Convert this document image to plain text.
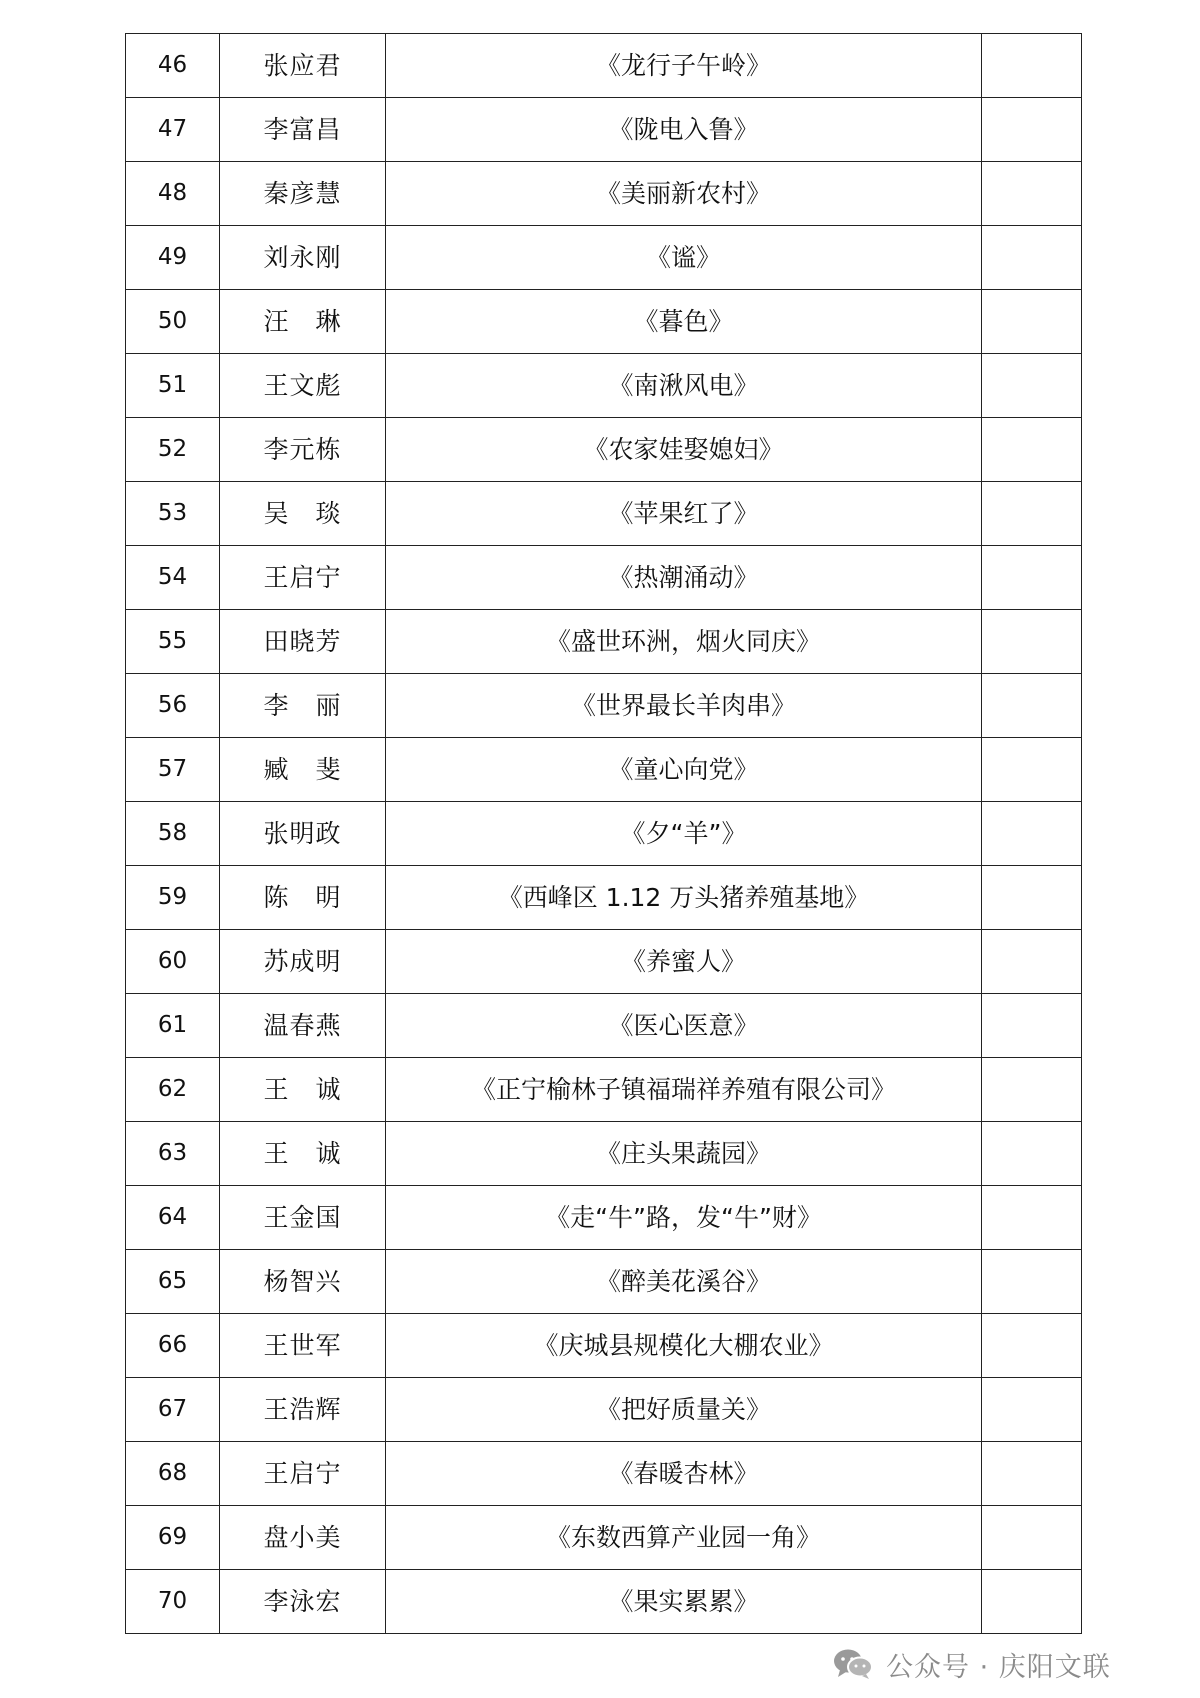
46	张应君	《龙行子午岭》	
47	李富昌	《陇电入鲁》	
48	秦彦慧	《美丽新农村》	
49	刘永刚	《谧》	
50	汪　琳	《暮色》	
51	王文彪	《南湫风电》	
52	李元栋	《农家娃娶媳妇》	
53	吴　琰	《苹果红了》	
54	王启宁	《热潮涌动》	
55	田晓芳	《盛世环洲，烟火同庆》	
56	李　丽	《世界最长羊肉串》	
57	臧　斐	《童心向党》	
58	张明政	《夕“羊”》	
59	陈　明	《西峰区 1.12 万头猪养殖基地》	
60	苏成明	《养蜜人》	
61	温春燕	《医心医意》	
62	王　诚	《正宁榆林子镇福瑞祥养殖有限公司》	
63	王　诚	《庄头果蔬园》	
64	王金国	《走“牛”路，发“牛”财》	
65	杨智兴	《醉美花溪谷》	
66	王世军	《庆城县规模化大棚农业》	
67	王浩辉	《把好质量关》	
68	王启宁	《春暖杏林》	
69	盘小美	《东数西算产业园一角》	
70	李泳宏	《果实累累》	
公众号 · 庆阳文联
